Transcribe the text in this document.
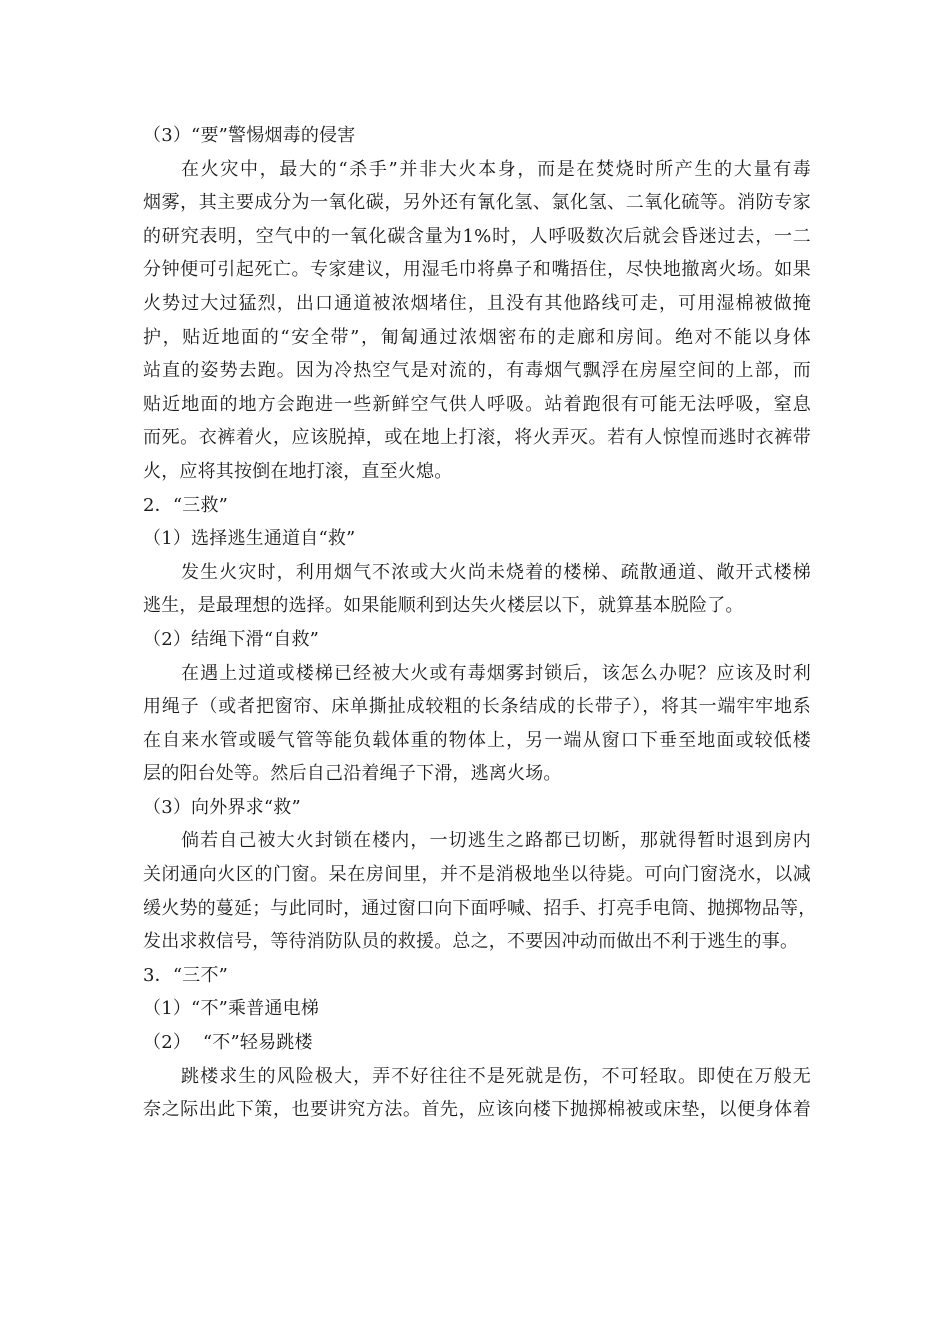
（3）“要”警惕烟毒的侵害
在火灾中，最大的“杀手”并非大火本身，而是在焚烧时所产生的大量有毒
烟雾，其主要成分为一氧化碳，另外还有氰化氢、氯化氢、二氧化硫等。消防专家
的研究表明，空气中的一氧化碳含量为1%时，人呼吸数次后就会昏迷过去，一二
分钟便可引起死亡。专家建议，用湿毛巾将鼻子和嘴捂住，尽快地撤离火场。如果
火势过大过猛烈，出口通道被浓烟堵住，且没有其他路线可走，可用湿棉被做掩
护，贴近地面的“安全带”，匍匐通过浓烟密布的走廊和房间。绝对不能以身体
站直的姿势去跑。因为冷热空气是对流的，有毒烟气飘浮在房屋空间的上部，而
贴近地面的地方会跑进一些新鲜空气供人呼吸。站着跑很有可能无法呼吸，窒息
而死。衣裤着火，应该脱掉，或在地上打滚，将火弄灭。若有人惊惶而逃时衣裤带
火，应将其按倒在地打滚，直至火熄。
2．“三救”
（1）选择逃生通道自“救”
发生火灾时，利用烟气不浓或大火尚未烧着的楼梯、疏散通道、敞开式楼梯
逃生，是最理想的选择。如果能顺利到达失火楼层以下，就算基本脱险了。
（2）结绳下滑“自救”
在遇上过道或楼梯已经被大火或有毒烟雾封锁后，该怎么办呢？应该及时利
用绳子（或者把窗帘、床单撕扯成较粗的长条结成的长带子），将其一端牢牢地系
在自来水管或暖气管等能负载体重的物体上，另一端从窗口下垂至地面或较低楼
层的阳台处等。然后自己沿着绳子下滑，逃离火场。
（3）向外界求“救”
倘若自己被大火封锁在楼内，一切逃生之路都已切断，那就得暂时退到房内
关闭通向火区的门窗。呆在房间里，并不是消极地坐以待毙。可向门窗浇水，以减
缓火势的蔓延；与此同时，通过窗口向下面呼喊、招手、打亮手电筒、抛掷物品等，
发出求救信号，等待消防队员的救援。总之，不要因冲动而做出不利于逃生的事。
3．“三不”
（1）“不”乘普通电梯
（2）  “不”轻易跳楼
跳楼求生的风险极大，弄不好往往不是死就是伤，不可轻取。即使在万般无
奈之际出此下策，也要讲究方法。首先，应该向楼下抛掷棉被或床垫，以便身体着
